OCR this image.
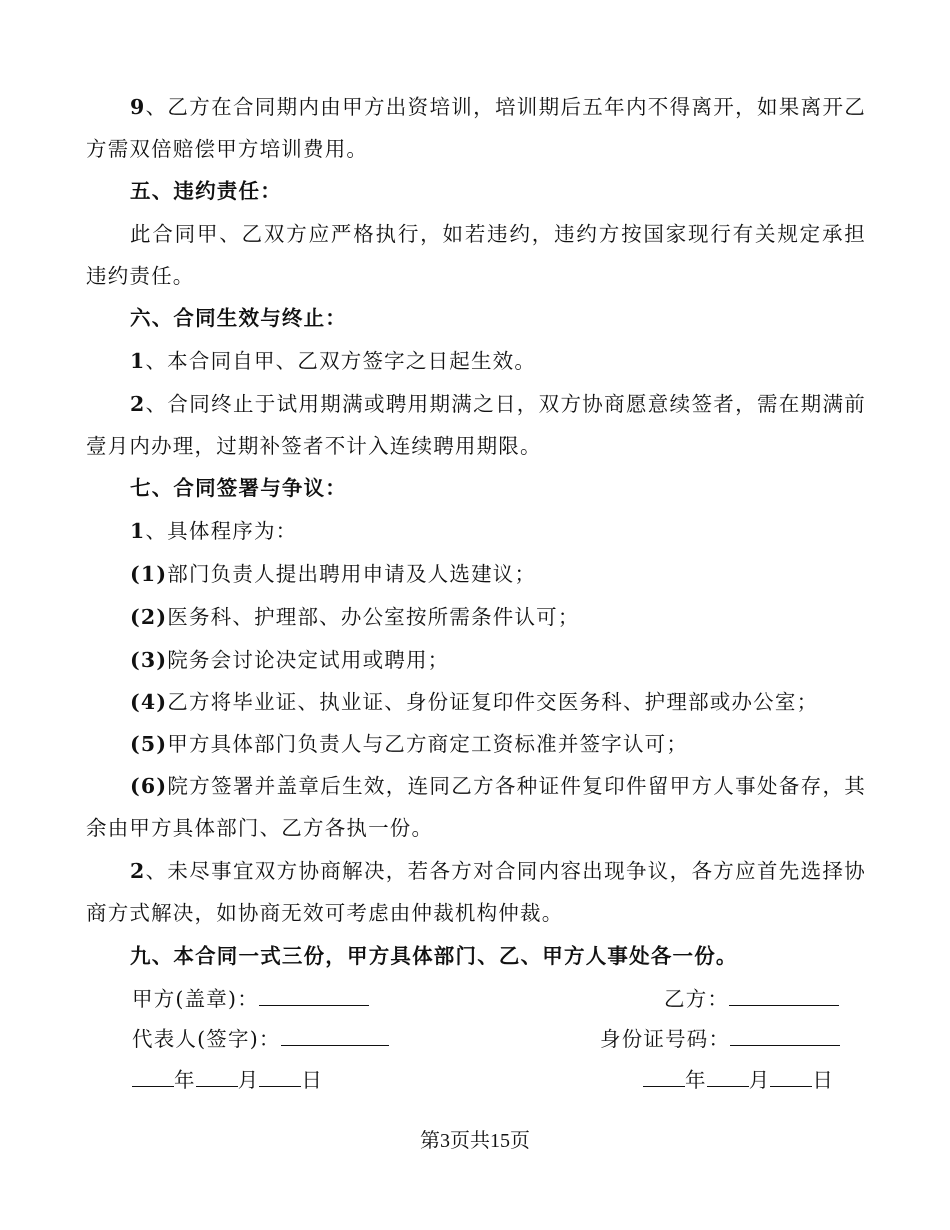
9、乙方在合同期内由甲方出资培训，培训期后五年内不得离开，如果离开乙方需双倍赔偿甲方培训费用。

五、违约责任：

此合同甲、乙双方应严格执行，如若违约，违约方按国家现行有关规定承担违约责任。

六、合同生效与终止：

1、本合同自甲、乙双方签字之日起生效。

2、合同终止于试用期满或聘用期满之日，双方协商愿意续签者，需在期满前壹月内办理，过期补签者不计入连续聘用期限。

七、合同签署与争议：

1、具体程序为：

(1)部门负责人提出聘用申请及人选建议；

(2)医务科、护理部、办公室按所需条件认可；

(3)院务会讨论决定试用或聘用；

(4)乙方将毕业证、执业证、身份证复印件交医务科、护理部或办公室；

(5)甲方具体部门负责人与乙方商定工资标准并签字认可；

(6)院方签署并盖章后生效，连同乙方各种证件复印件留甲方人事处备存，其余由甲方具体部门、乙方各执一份。

2、未尽事宜双方协商解决，若各方对合同内容出现争议，各方应首先选择协商方式解决，如协商无效可考虑由仲裁机构仲裁。

九、本合同一式三份，甲方具体部门、乙、甲方人事处各一份。

甲方(盖章)：	乙方：
代表人(签字)：	身份证号码：
年 月 日	年 月 日
第3页共15页
